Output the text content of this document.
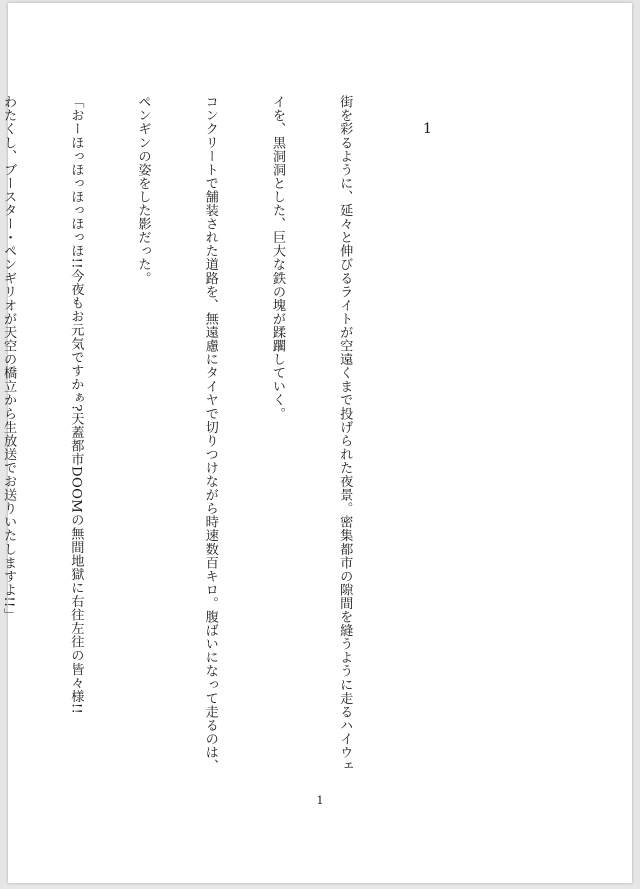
街を彩るように、延々と伸びるライトが空遠くまで投げられた夜景。密集都市の隙間を縫うように走るハイウェ

イを、黒洞洞とした、巨大な鉄の塊が蹂躙していく。

コンクリートで舗装された道路を、無遠慮にタイヤで切りつけながら時速数百キロ。腹ばいになって走るのは、

ペンギンの姿をした影だった。

「おーほっほっほっほっほ!!今夜もお元気ですかぁ?天蓋都市DOOMの無間地獄に右往左往の皆々様!!

わたくし、ブースター・ペンギリオが天空の橋立から生放送でお送りいたしますよ!!」

	1
1
